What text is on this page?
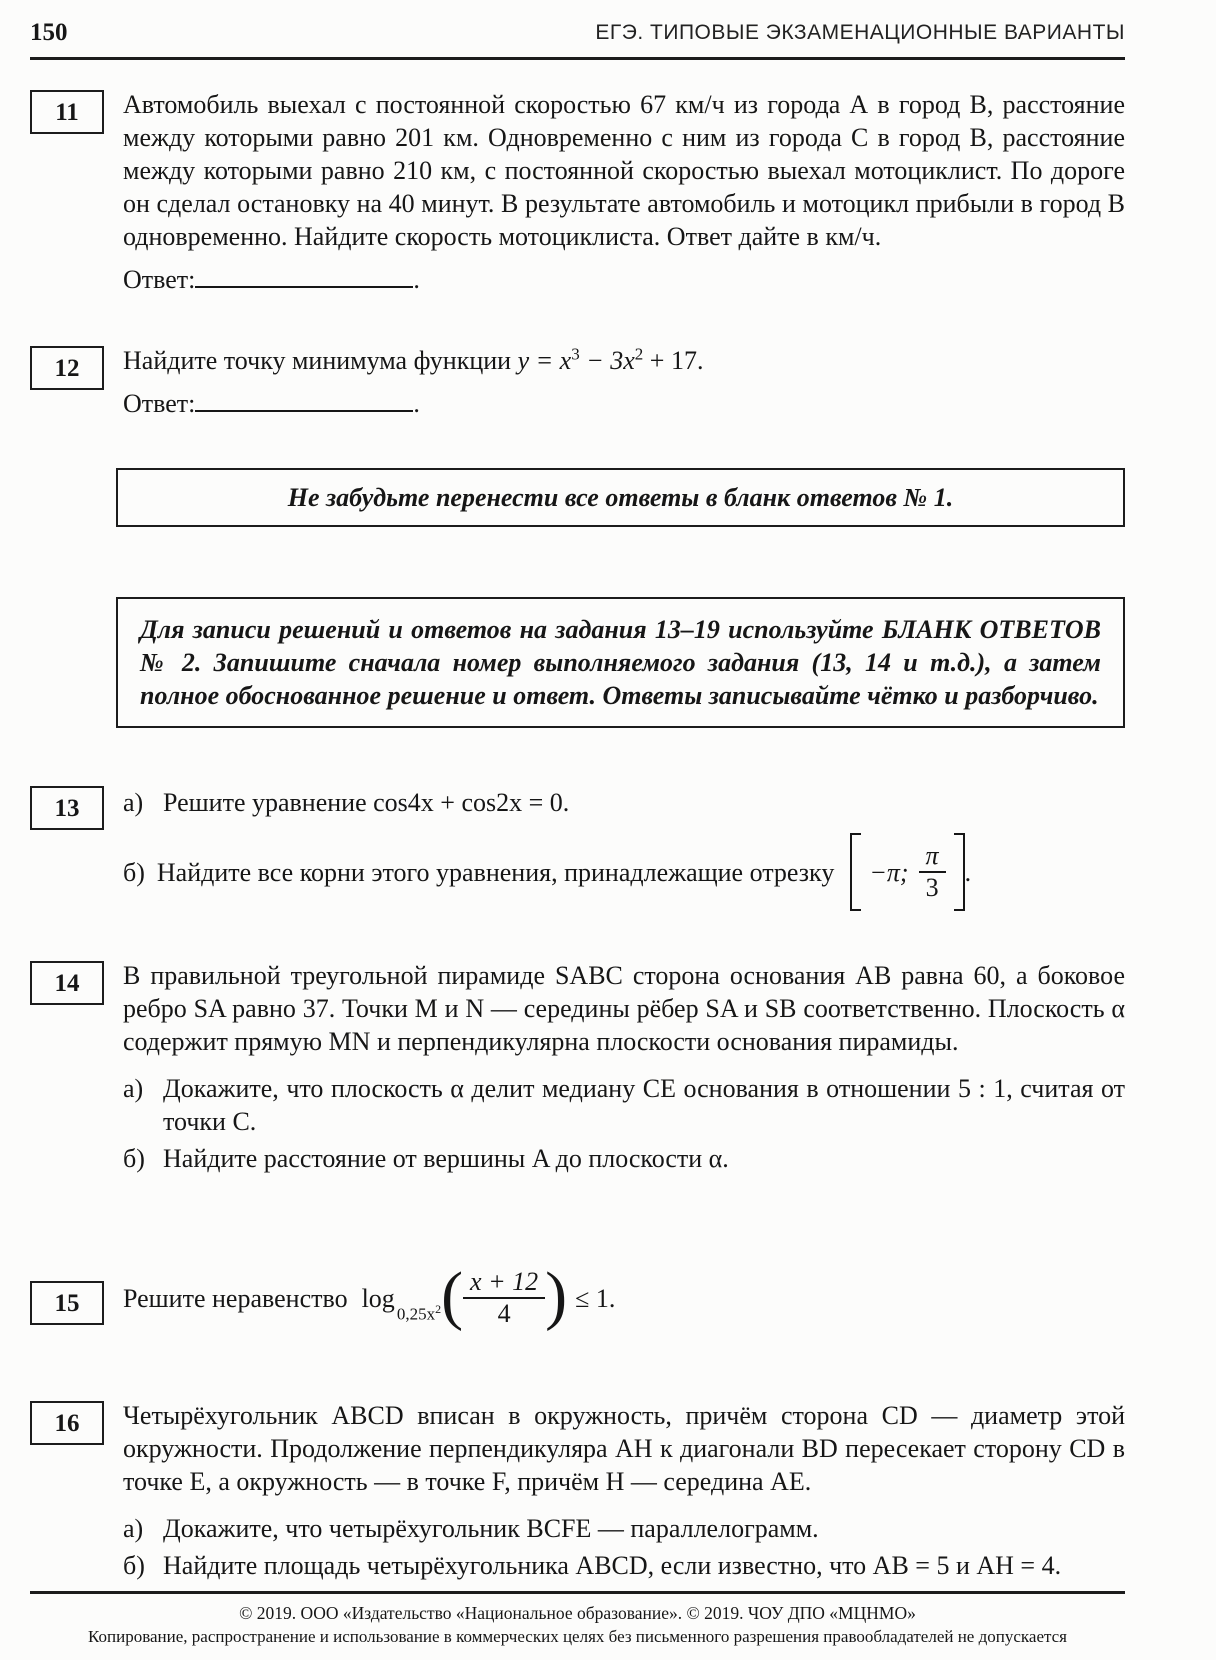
150	ЕГЭ. ТИПОВЫЕ ЭКЗАМЕНАЦИОННЫЕ ВАРИАНТЫ
11	Автомобиль выехал с постоянной скоростью 67 км/ч из города А в город В, расстояние между которыми равно 201 км. Одновременно с ним из города С в город В, расстояние между которыми равно 210 км, с постоянной скоростью выехал мотоциклист. По дороге он сделал остановку на 40 минут. В результате автомобиль и мотоцикл прибыли в город В одновременно. Найдите скорость мотоциклиста. Ответ дайте в км/ч.
Ответ:	.
12	Найдите точку минимума функции $y = x^3 - 3x^2 + 17$.
Ответ:	.
Не забудьте перенести все ответы в бланк ответов № 1.
Для записи решений и ответов на задания 13–19 используйте БЛАНК ОТВЕТОВ № 2. Запишите сначала номер выполняемого задания (13, 14 и т.д.), а затем полное обоснованное решение и ответ. Ответы записывайте чётко и разборчиво.
13	а) Решите уравнение cos4x + cos2x = 0.
б) Найдите все корни этого уравнения, принадлежащие отрезку −π; $\frac{\pi}{3}$ .
14	В правильной треугольной пирамиде SABC сторона основания AB равна 60, а боковое ребро SA равно 37. Точки M и N — середины рёбер SA и SB соответственно. Плоскость α содержит прямую MN и перпендикулярна плоскости основания пирамиды.
а) Докажите, что плоскость α делит медиану CE основания в отношении 5 : 1, считая от точки C.
б) Найдите расстояние от вершины A до плоскости α.
15	Решите неравенство log
$0,25x^2$ ( $\frac{x + 12}{4}$ ) ≤ 1.
16	Четырёхугольник ABCD вписан в окружность, причём сторона CD — диаметр этой окружности. Продолжение перпендикуляра AH к диагонали BD пересекает сторону CD в точке E, а окружность — в точке F, причём H — середина AE.
а) Докажите, что четырёхугольник BCFE — параллелограмм.
б) Найдите площадь четырёхугольника ABCD, если известно, что AB = 5 и AH = 4.
© 2019. ООО «Издательство «Национальное образование». © 2019. ЧОУ ДПО «МЦНМО»
Копирование, распространение и использование в коммерческих целях без письменного разрешения правообладателей не допускается
